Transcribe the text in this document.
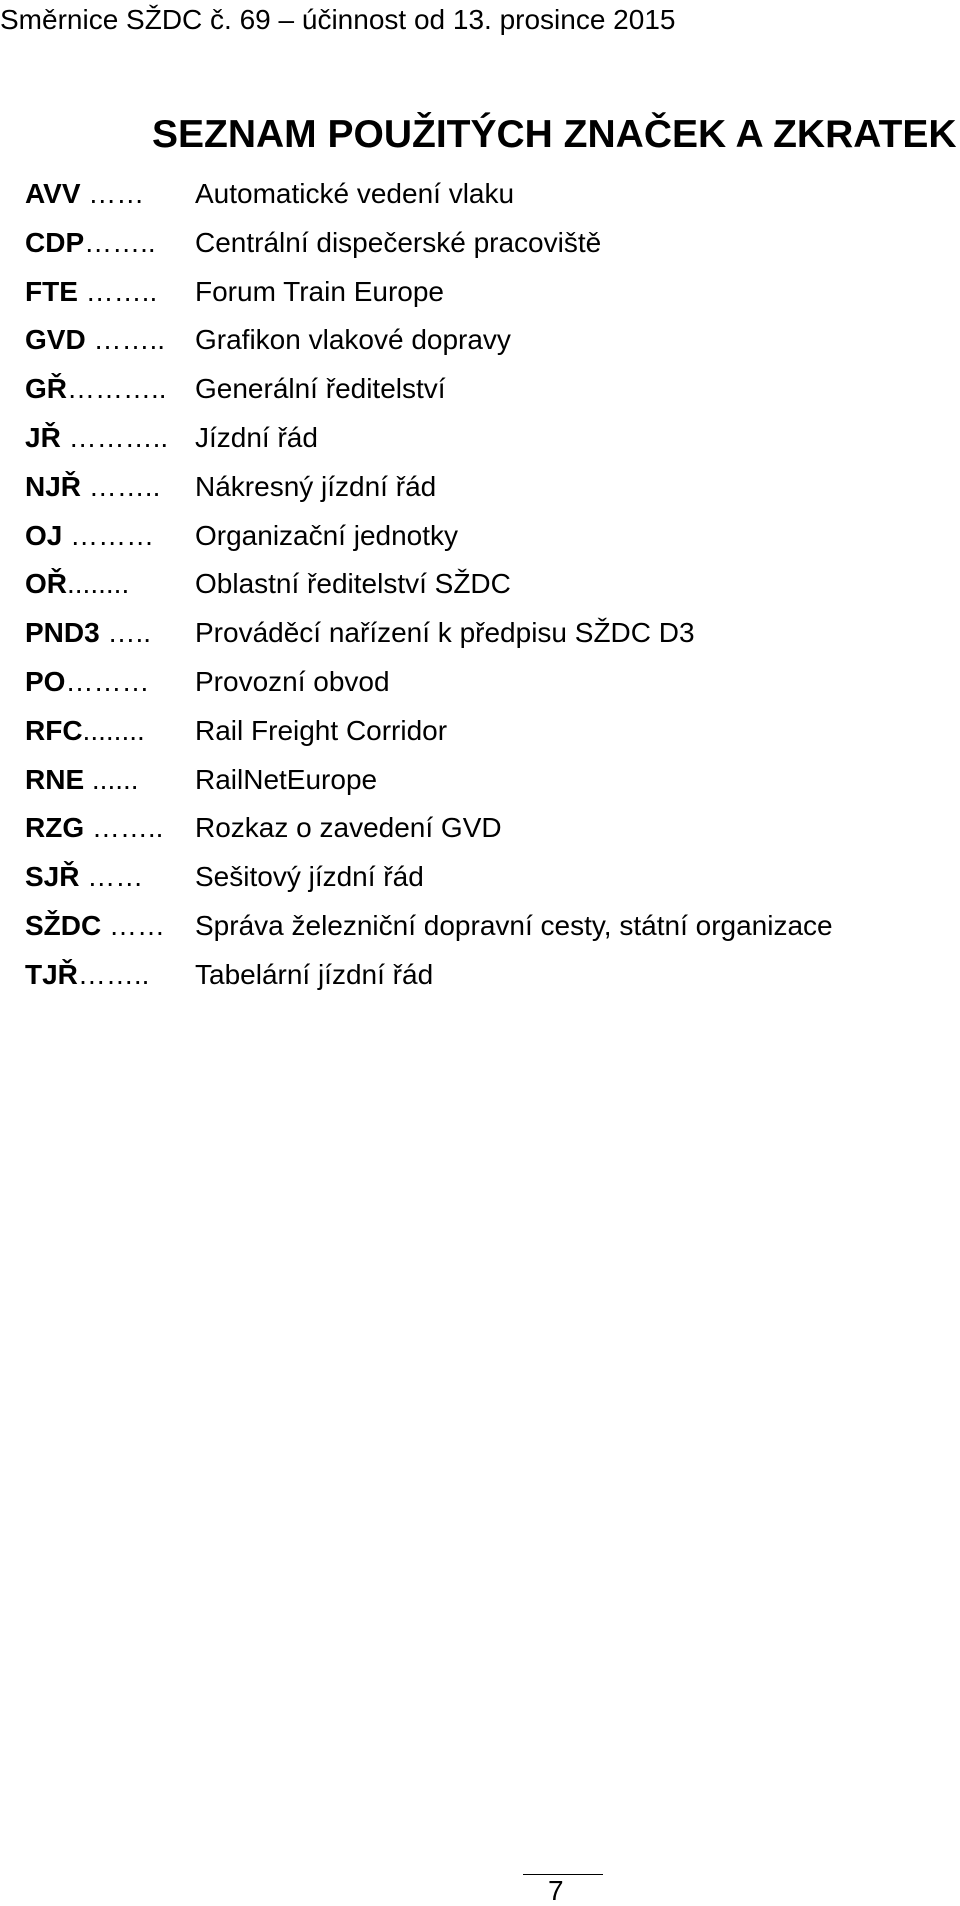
Směrnice SŽDC č. 69 – účinnost od 13. prosince 2015
SEZNAM POUŽITÝCH ZNAČEK A ZKRATEK
AVV …… Automatické vedení vlaku
CDP…….. Centrální dispečerské pracoviště
FTE …….. Forum Train Europe
GVD …….. Grafikon vlakové dopravy
GŘ……….. Generální ředitelství
JŘ ……….. Jízdní řád
NJŘ …….. Nákresný jízdní řád
OJ ……… Organizační jednotky
OŘ........ Oblastní ředitelství SŽDC
PND3 ….. Prováděcí nařízení k předpisu SŽDC D3
PO……… Provozní obvod
RFC........ Rail Freight Corridor
RNE ...... RailNetEurope
RZG …….. Rozkaz o zavedení GVD
SJŘ …… Sešitový jízdní řád
SŽDC …… Správa železniční dopravní cesty, státní organizace
TJŘ…….. Tabelární jízdní řád
7
